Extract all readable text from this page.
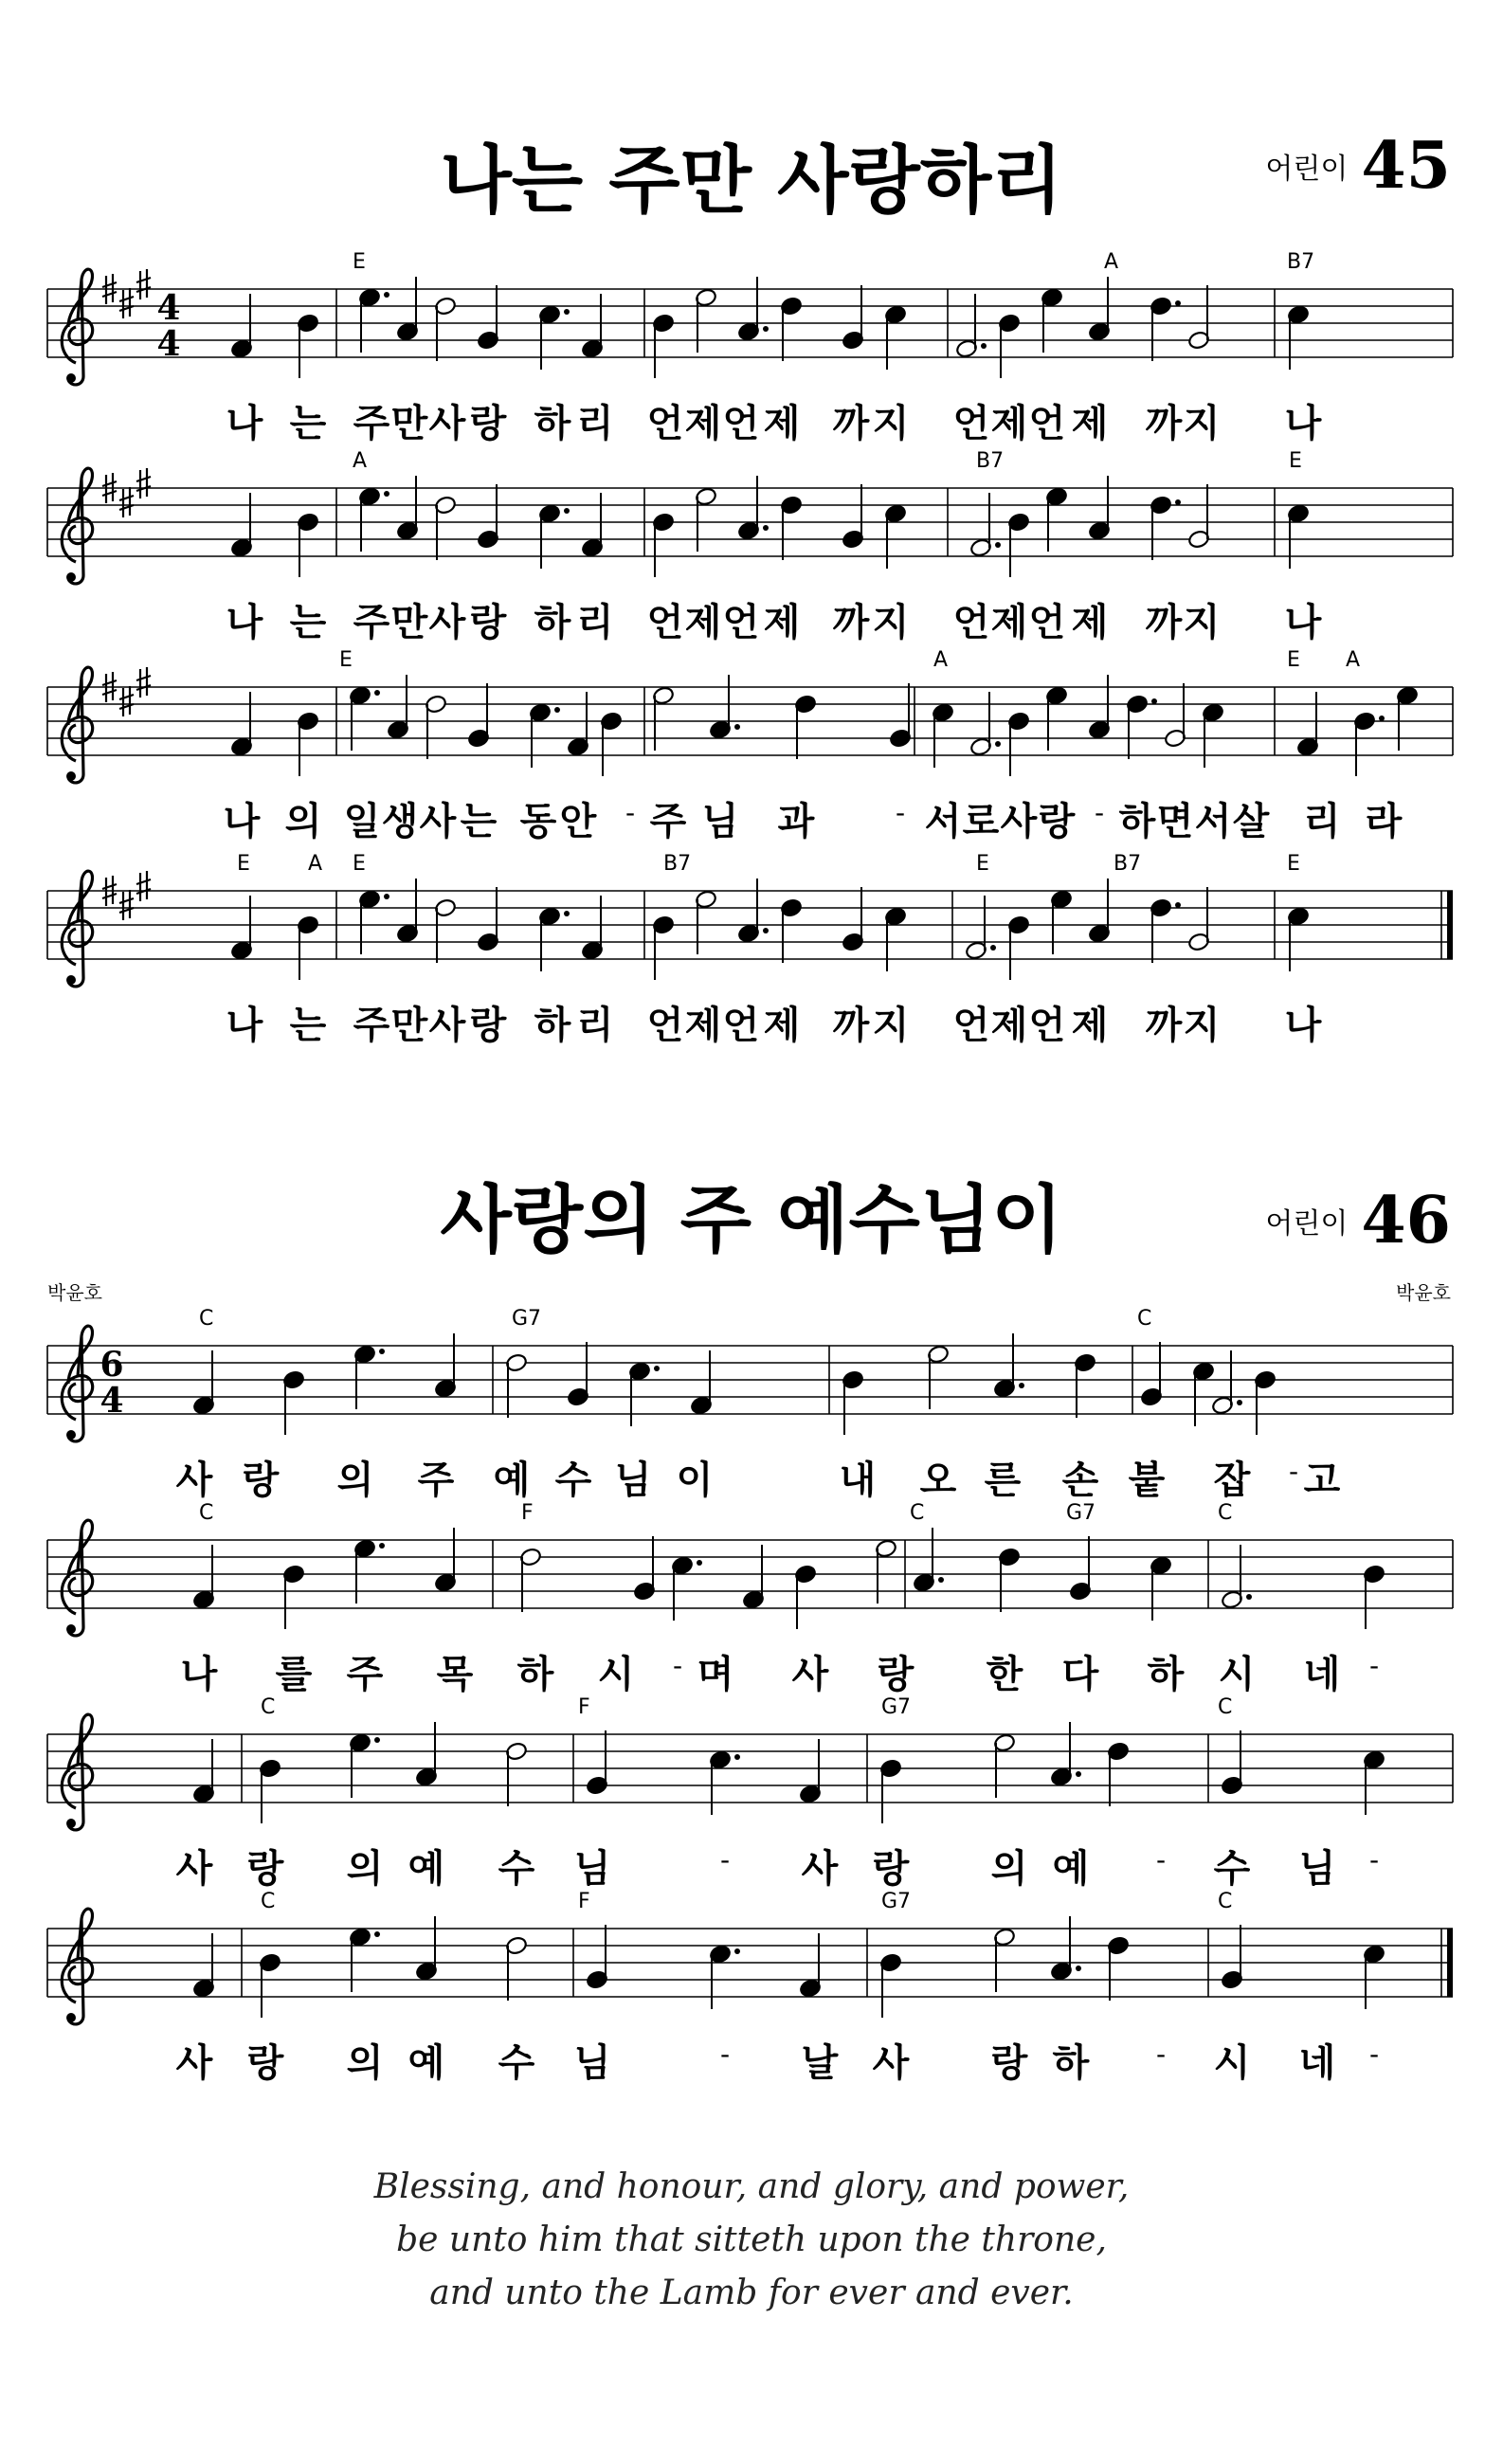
나는 주만 사랑하리	어린이 45
사랑의 주 예수님이	어린이 46
박윤호	박윤호
4
4
E	A	B7
나 는 주 만 사 랑 하 리 언 제 언 제 까 지 언 제 언 제 까 지 나
A	B7	E
나 는 주 만 사 랑 하 리 언 제 언 제 까 지 언 제 언 제 까 지 나
E	A	E A
나 의 일 생 사 는 동 안 - 주 님 과	- 서 로 사 랑 - 하 면 서 살 리 라
E	A E	B7	E	B7	E
나 는 주 만 사 랑 하 리 언 제 언 제 까 지 언 제 언 제 까 지 나
6
4
C	G7	C
사 랑 의 주 예 수 님 이	내 오 른 손 붙 잡 - 고
C	F	C	G7	C
나 를 주 목 하 시 - 며 사 랑 한 다 하 시 네 -
C	F	G7	C
사 랑 의 예 수 님	- 사 랑 의 예	- 수 님 -
C	F	G7	C
사 랑 의 예 수 님	- 날 사 랑 하	- 시 네 -
Blessing, and honour, and glory, and power,
be unto him that sitteth upon the throne,
and unto the Lamb for ever and ever.
